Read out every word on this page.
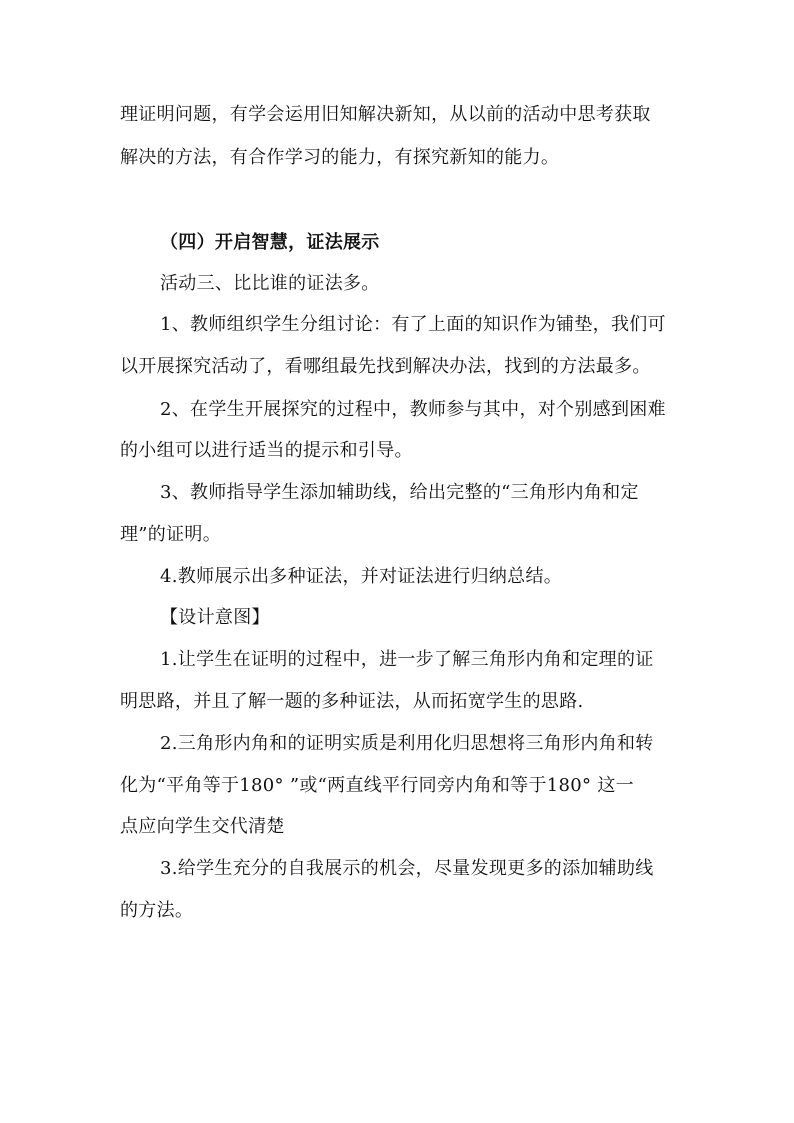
理证明问题，有学会运用旧知解决新知，从以前的活动中思考获取
解决的方法，有合作学习的能力，有探究新知的能力。
（四）开启智慧，证法展示
活动三、比比谁的证法多。
1、教师组织学生分组讨论：有了上面的知识作为铺垫，我们可
以开展探究活动了，看哪组最先找到解决办法，找到的方法最多。
2、在学生开展探究的过程中，教师参与其中，对个别感到困难
的小组可以进行适当的提示和引导。
3、教师指导学生添加辅助线，给出完整的“三角形内角和定
理”的证明。
4.教师展示出多种证法，并对证法进行归纳总结。
【设计意图】
1.让学生在证明的过程中，进一步了解三角形内角和定理的证
明思路，并且了解一题的多种证法，从而拓宽学生的思路.
2.三角形内角和的证明实质是利用化归思想将三角形内角和转
化为“平角等于180° ”或“两直线平行同旁内角和等于180° 这一
点应向学生交代清楚
3.给学生充分的自我展示的机会，尽量发现更多的添加辅助线
的方法。
